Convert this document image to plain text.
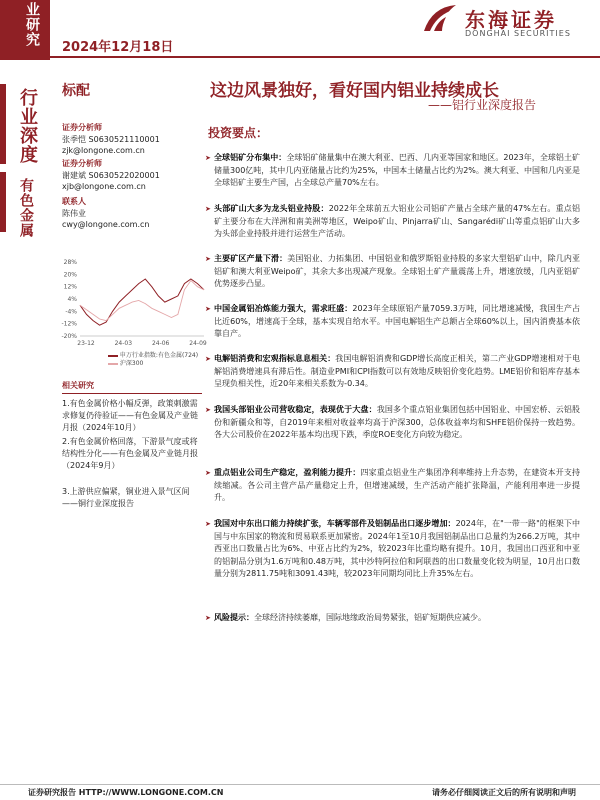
业研究
行业深度
有色金属
2024年12月18日
东海证券
DONGHAI SECURITIES
标配	这边风景独好，看好国内铝业持续成长
——铝行业深度报告
证券分析师
张季恺 S0630521110001
zjk@longone.com.cn
证券分析师
谢建斌 S0630522020001
xjb@longone.com.cn
联系人
陈伟业
cwy@longone.com.cn
28%
20%
12%
4%
-4%
-12%
-20%
23-12	24-03	24-06	24-09
申万行业指数:有色金属(724)
沪深300
相关研究
1.有色金属价格小幅反弹，政策刺激需求修复仍待验证——有色金属及产业链月报（2024年10月）
2.有色金属价格回落，下游景气度或将结构性分化——有色金属及产业链月报（2024年9月）
3.上游供应偏紧，铜业进入景气区间——铜行业深度报告
投资要点：
➤ 全球铝矿分布集中：全球铝矿储量集中在澳大利亚、巴西、几内亚等国家和地区。2023年，全球铝土矿储量300亿吨，其中几内亚储量占比约为25%，中国本土储量占比约为2%。澳大利亚、中国和几内亚是全球铝矿主要生产国，占全球总产量70%左右。
➤ 头部矿山大多为龙头铝业持股：2022年全球前五大铝业公司铝矿产量占全球产量的47%左右。重点铝矿主要分布在大洋洲和南美洲等地区，Weipo矿山、Pinjarra矿山、Sangarédi矿山等重点铝矿山大多为头部企业持股并进行运营生产活动。
➤ 主要矿区产量下滑：美国铝业、力拓集团、中国铝业和俄罗斯铝业持股的多家大型铝矿山中，除几内亚铝矿和澳大利亚Weipo矿，其余大多出现减产现象。全球铝土矿产量震荡上升，增速放缓，几内亚铝矿优势逐步凸显。
➤ 中国金属铝冶炼能力强大，需求旺盛：2023年全球原铝产量7059.3万吨，同比增速减慢，我国生产占比近60%，增速高于全球，基本实现自给水平。中国电解铝生产总额占全球60%以上，国内消费基本依靠自产。
➤ 电解铝消费和宏观指标息息相关：我国电解铝消费和GDP增长高度正相关，第二产业GDP增速相对于电解铝消费增速具有滞后性。制造业PMI和CPI指数可以有效地反映铝价变化趋势。LME铝价和铝库存基本呈现负相关性，近20年来相关系数为-0.34。
➤ 我国头部铝业公司营收稳定，表现优于大盘：我国多个重点铝业集团包括中国铝业、中国宏桥、云铝股份和新疆众和等，自2019年来相对收益率均高于沪深300，总体收益率均和SHFE铝价保持一致趋势。各大公司股价在2022年基本均出现下跌，季度ROE变化方向较为稳定。
➤ 重点铝业公司生产稳定，盈利能力提升：四家重点铝业生产集团净利率维持上升态势，在建资本开支持续缩减。各公司主营产品产量稳定上升，但增速减缓，生产活动产能扩张降温，产能利用率进一步提升。
➤ 我国对中东出口能力持续扩张，车辆零部件及铝制品出口逐步增加：2024年，在"一带一路"的框架下中国与中东国家的物流和贸易联系更加紧密。2024年1至10月我国铝制品出口总量约为266.2万吨，其中西亚出口数量占比为6%、中亚占比约为2%，较2023年比重均略有提升。10月，我国出口西亚和中亚的铝制品分别为1.6万吨和0.48万吨，其中沙特阿拉伯和阿联酋的出口数量变化较为明显，10月出口数量分别为2811.75吨和3091.43吨，较2023年同期均同比上升35%左右。
➤ 风险提示：全球经济持续萎靡，国际地缘政治局势紧张，铝矿短期供应减少。
证券研究报告 HTTP://WWW.LONGONE.COM.CN	请务必仔细阅读正文后的所有说明和声明
